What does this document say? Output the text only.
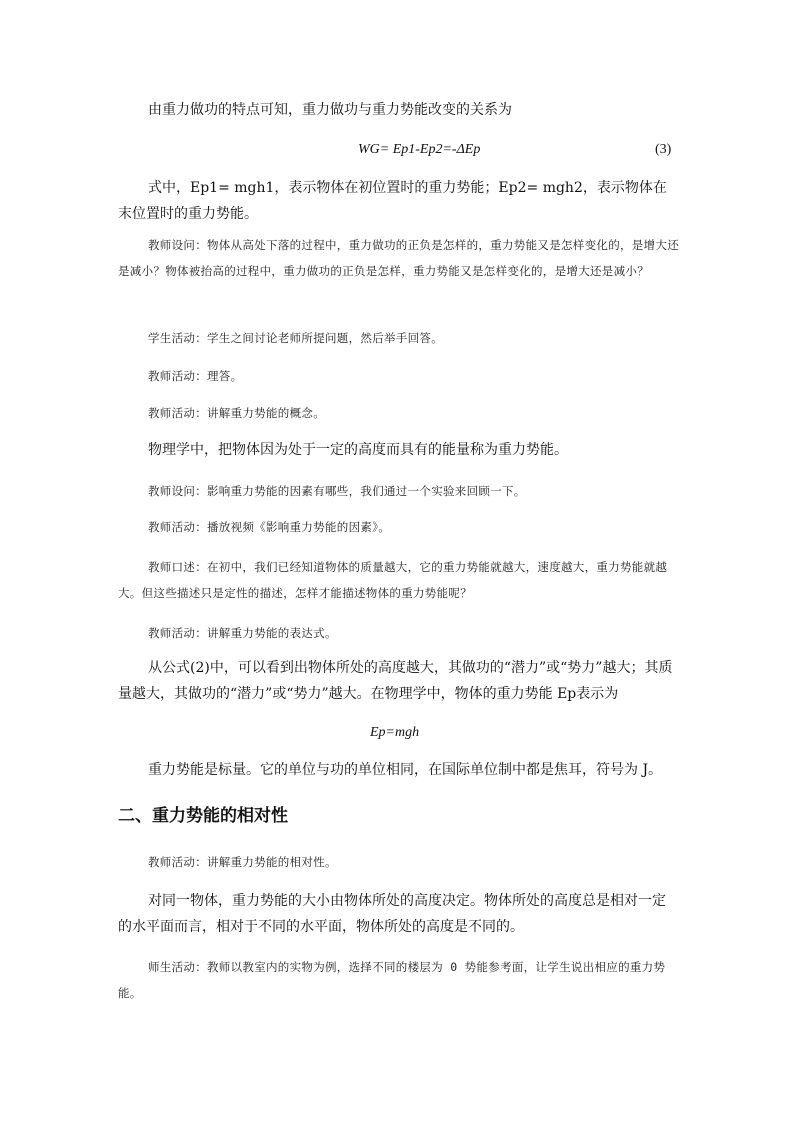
由重力做功的特点可知，重力做功与重力势能改变的关系为

WG= Ep1-Ep2=-ΔEp	(3)

式中，Ep1= mgh1，表示物体在初位置时的重力势能；Ep2= mgh2，表示物体在末位置时的重力势能。

教师设问：物体从高处下落的过程中，重力做功的正负是怎样的，重力势能又是怎样变化的，是增大还是减小？物体被抬高的过程中，重力做功的正负是怎样，重力势能又是怎样变化的，是增大还是减小？

学生活动：学生之间讨论老师所提问题，然后举手回答。

教师活动：理答。

教师活动：讲解重力势能的概念。

物理学中，把物体因为处于一定的高度而具有的能量称为重力势能。

教师设问：影响重力势能的因素有哪些，我们通过一个实验来回顾一下。

教师活动：播放视频《影响重力势能的因素》。

教师口述：在初中，我们已经知道物体的质量越大，它的重力势能就越大，速度越大，重力势能就越大。但这些描述只是定性的描述，怎样才能描述物体的重力势能呢？

教师活动：讲解重力势能的表达式。

从公式(2)中，可以看到出物体所处的高度越大，其做功的“潜力”或“势力”越大；其质量越大，其做功的“潜力”或“势力”越大。在物理学中，物体的重力势能 Ep表示为

Ep=mgh

重力势能是标量。它的单位与功的单位相同，在国际单位制中都是焦耳，符号为 J。

二、重力势能的相对性

教师活动：讲解重力势能的相对性。

对同一物体，重力势能的大小由物体所处的高度决定。物体所处的高度总是相对一定的水平面而言，相对于不同的水平面，物体所处的高度是不同的。

师生活动：教师以教室内的实物为例，选择不同的楼层为 0 势能参考面，让学生说出相应的重力势能。
